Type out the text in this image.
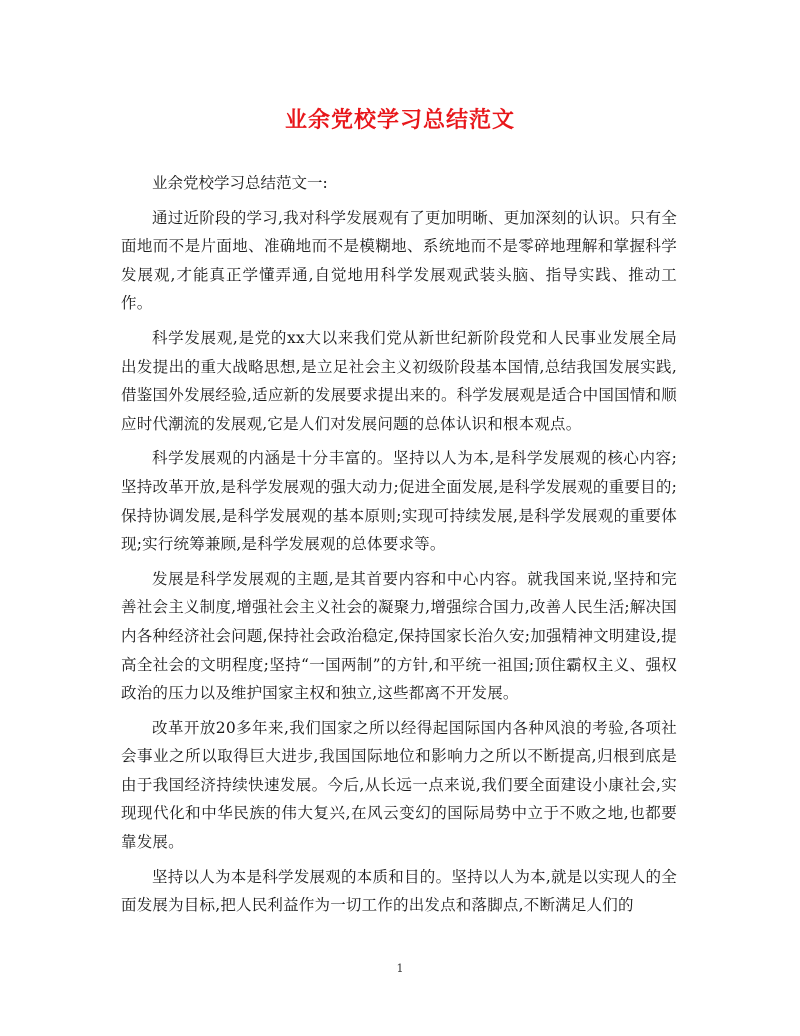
业余党校学习总结范文

业余党校学习总结范文一:

通过近阶段的学习,我对科学发展观有了更加明晰、更加深刻的认识。只有全面地而不是片面地、准确地而不是模糊地、系统地而不是零碎地理解和掌握科学发展观,才能真正学懂弄通,自觉地用科学发展观武装头脑、指导实践、推动工作。

科学发展观,是党的xx大以来我们党从新世纪新阶段党和人民事业发展全局出发提出的重大战略思想,是立足社会主义初级阶段基本国情,总结我国发展实践,借鉴国外发展经验,适应新的发展要求提出来的。科学发展观是适合中国国情和顺应时代潮流的发展观,它是人们对发展问题的总体认识和根本观点。

科学发展观的内涵是十分丰富的。坚持以人为本,是科学发展观的核心内容;坚持改革开放,是科学发展观的强大动力;促进全面发展,是科学发展观的重要目的;保持协调发展,是科学发展观的基本原则;实现可持续发展,是科学发展观的重要体现;实行统筹兼顾,是科学发展观的总体要求等。

发展是科学发展观的主题,是其首要内容和中心内容。就我国来说,坚持和完善社会主义制度,增强社会主义社会的凝聚力,增强综合国力,改善人民生活;解决国内各种经济社会问题,保持社会政治稳定,保持国家长治久安;加强精神文明建设,提高全社会的文明程度;坚持“一国两制”的方针,和平统一祖国;顶住霸权主义、强权政治的压力以及维护国家主权和独立,这些都离不开发展。

改革开放20多年来,我们国家之所以经得起国际国内各种风浪的考验,各项社会事业之所以取得巨大进步,我国国际地位和影响力之所以不断提高,归根到底是由于我国经济持续快速发展。今后,从长远一点来说,我们要全面建设小康社会,实现现代化和中华民族的伟大复兴,在风云变幻的国际局势中立于不败之地,也都要靠发展。

坚持以人为本是科学发展观的本质和目的。坚持以人为本,就是以实现人的全面发展为目标,把人民利益作为一切工作的出发点和落脚点,不断满足人们的

1
